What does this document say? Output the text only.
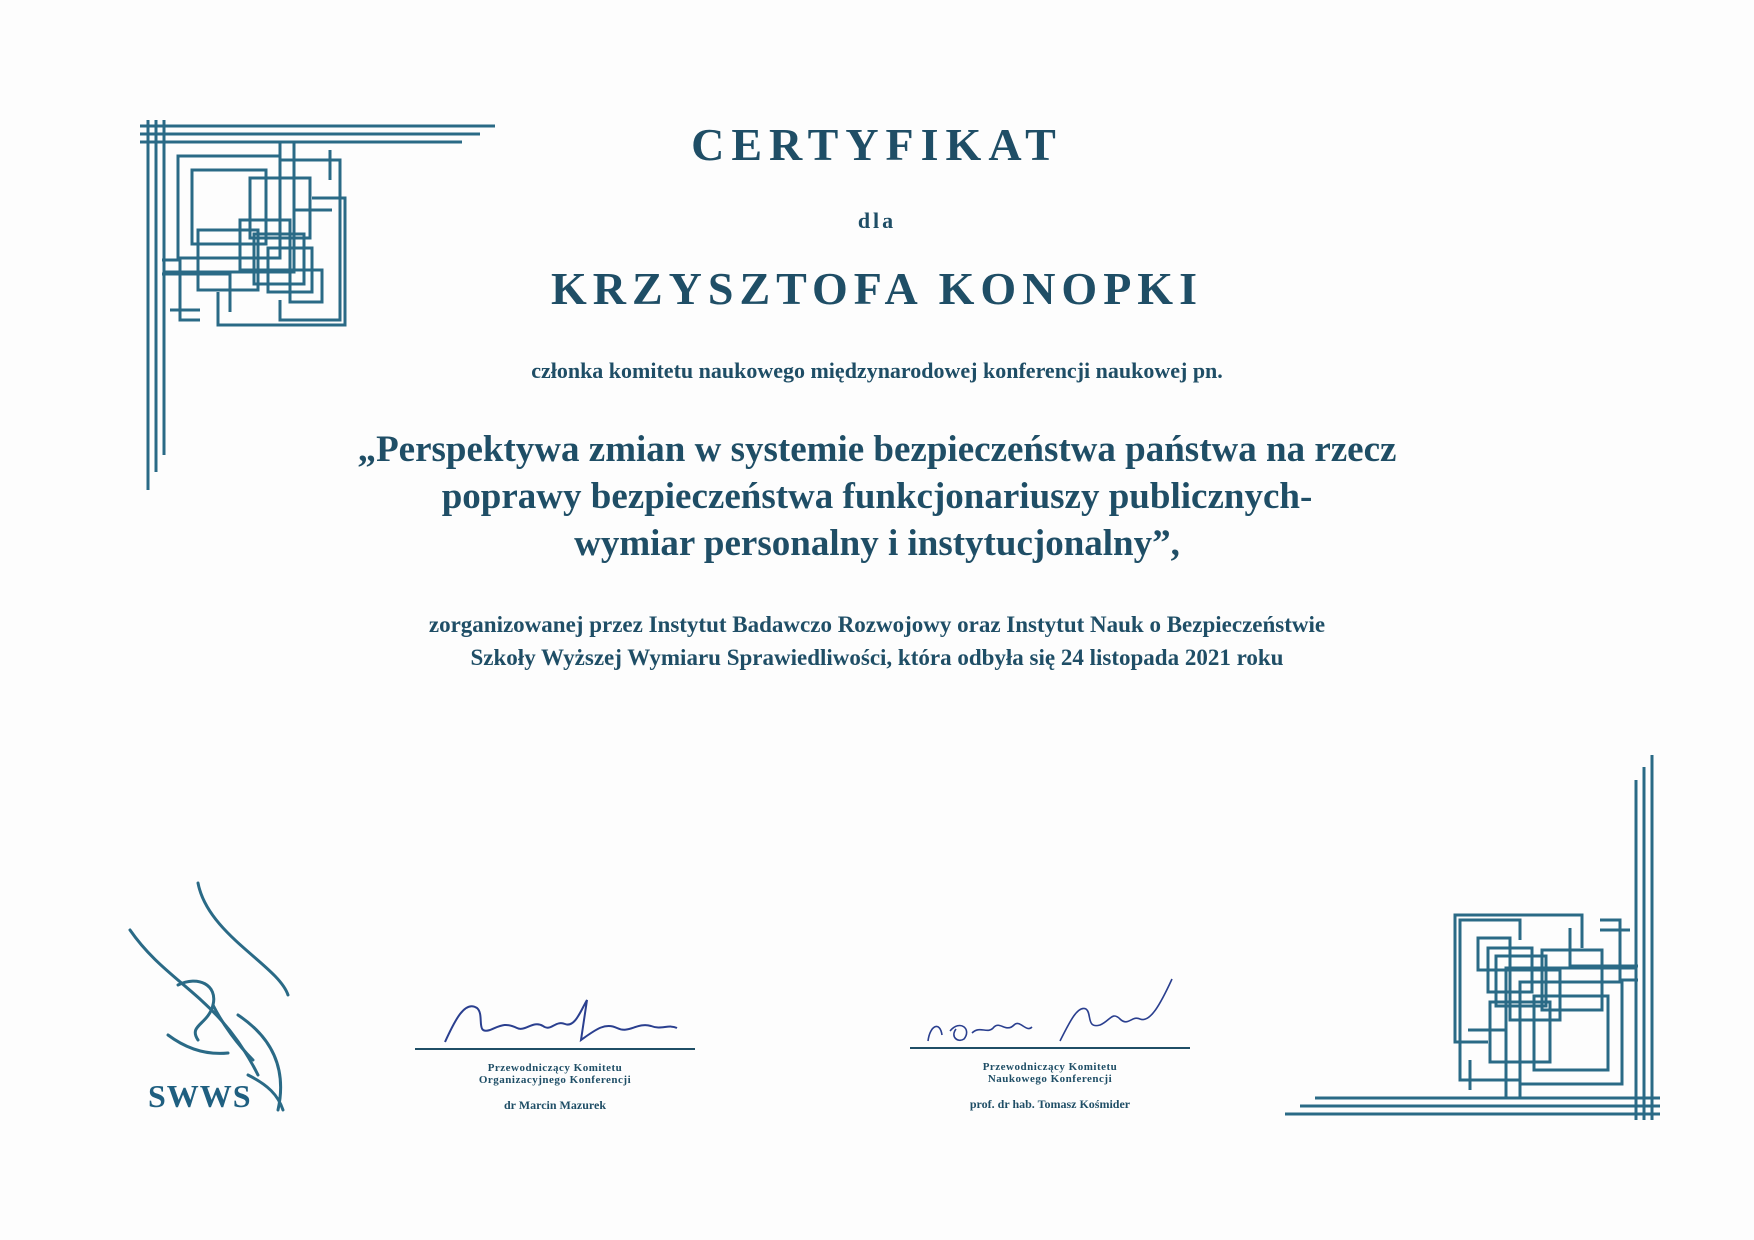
CERTYFIKAT
dla
KRZYSZTOFA KONOPKI
członka komitetu naukowego międzynarodowej konferencji naukowej pn.
„Perspektywa zmian w systemie bezpieczeństwa państwa na rzecz
poprawy bezpieczeństwa funkcjonariuszy publicznych-
wymiar personalny i instytucjonalny”,
zorganizowanej przez Instytut Badawczo Rozwojowy oraz Instytut Nauk o Bezpieczeństwie
Szkoły Wyższej Wymiaru Sprawiedliwości, która odbyła się 24 listopada 2021 roku
SWWS
Przewodniczący Komitetu
Organizacyjnego Konferencji
dr Marcin Mazurek
Przewodniczący Komitetu
Naukowego Konferencji
prof. dr hab. Tomasz Kośmider
